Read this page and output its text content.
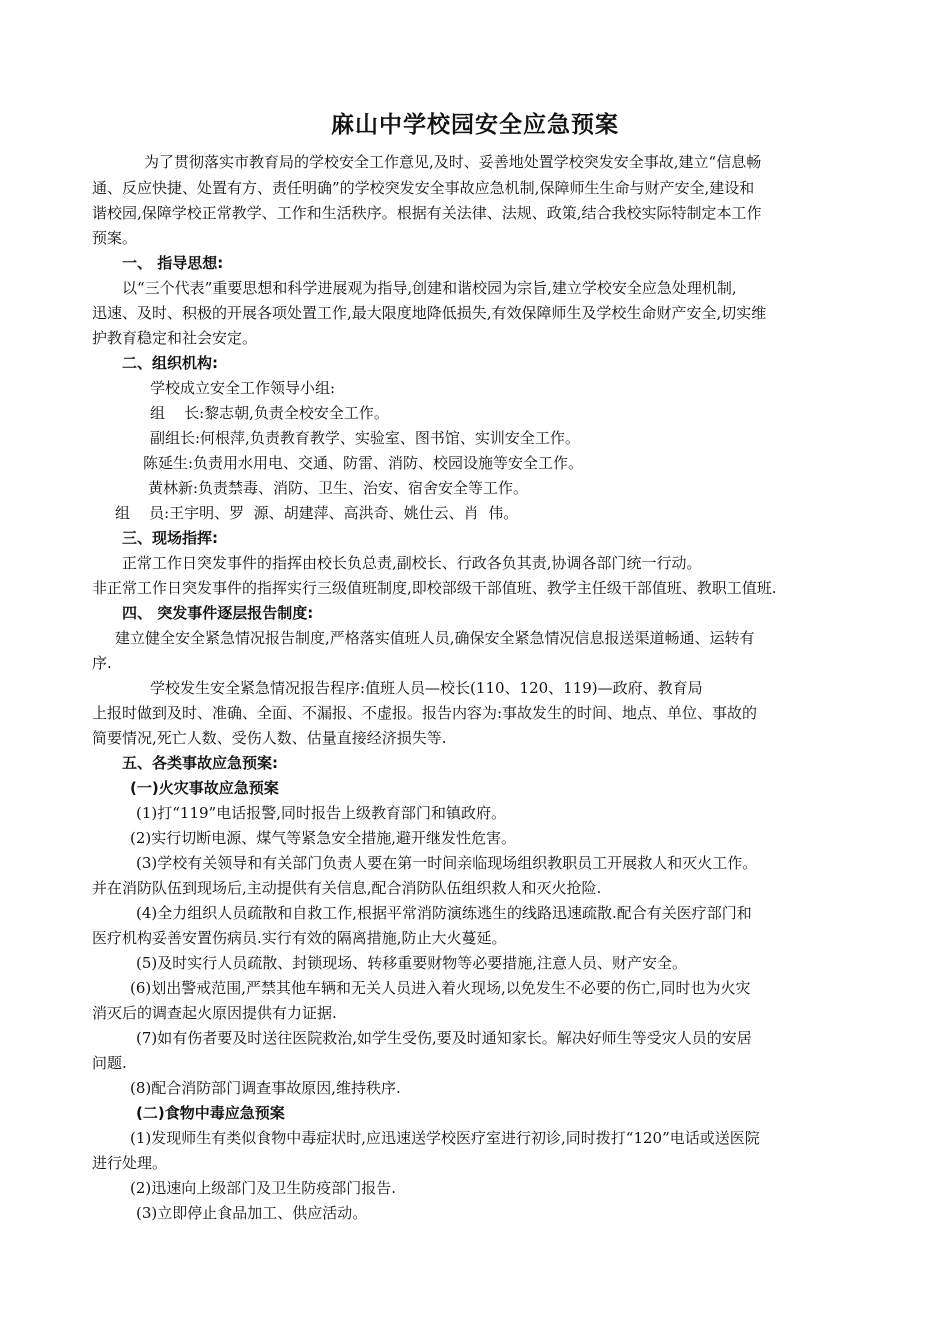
麻山中学校园安全应急预案
为了贯彻落实市教育局的学校安全工作意见,及时、妥善地处置学校突发安全事故,建立“信息畅
通、反应快捷、处置有方、责任明确”的学校突发安全事故应急机制,保障师生生命与财产安全,建设和
谐校园,保障学校正常教学、工作和生活秩序。根据有关法律、法规、政策,结合我校实际特制定本工作
预案。
一、 指导思想:
以“三个代表”重要思想和科学进展观为指导,创建和谐校园为宗旨,建立学校安全应急处理机制,
迅速、及时、积极的开展各项处置工作,最大限度地降低损失,有效保障师生及学校生命财产安全,切实维
护教育稳定和社会安定。
二、组织机构:
学校成立安全工作领导小组:
组    长:黎志朝,负责全校安全工作。
副组长:何根萍,负责教育教学、实验室、图书馆、实训安全工作。
陈延生:负责用水用电、交通、防雷、消防、校园设施等安全工作。
黄林新:负责禁毒、消防、卫生、治安、宿舍安全等工作。
组    员:王宇明、罗  源、胡建萍、高洪奇、姚仕云、肖  伟。
三、现场指挥:
正常工作日突发事件的指挥由校长负总责,副校长、行政各负其责,协调各部门统一行动。
非正常工作日突发事件的指挥实行三级值班制度,即校部级干部值班、教学主任级干部值班、教职工值班.
四、 突发事件逐层报告制度:
建立健全安全紧急情况报告制度,严格落实值班人员,确保安全紧急情况信息报送渠道畅通、运转有
序.
学校发生安全紧急情况报告程序:值班人员—校长(110、120、119)—政府、教育局
上报时做到及时、准确、全面、不漏报、不虚报。报告内容为:事故发生的时间、地点、单位、事故的
简要情况,死亡人数、受伤人数、估量直接经济损失等.
五、各类事故应急预案:
(一)火灾事故应急预案
(1)打“119”电话报警,同时报告上级教育部门和镇政府。
(2)实行切断电源、煤气等紧急安全措施,避开继发性危害。
(3)学校有关领导和有关部门负责人要在第一时间亲临现场组织教职员工开展救人和灭火工作。
并在消防队伍到现场后,主动提供有关信息,配合消防队伍组织救人和灭火抢险.
(4)全力组织人员疏散和自救工作,根据平常消防演练逃生的线路迅速疏散.配合有关医疗部门和
医疗机构妥善安置伤病员.实行有效的隔离措施,防止大火蔓延。
(5)及时实行人员疏散、封锁现场、转移重要财物等必要措施,注意人员、财产安全。
(6)划出警戒范围,严禁其他车辆和无关人员进入着火现场,以免发生不必要的伤亡,同时也为火灾
消灭后的调查起火原因提供有力证据.
(7)如有伤者要及时送往医院救治,如学生受伤,要及时通知家长。解决好师生等受灾人员的安居
问题.
(8)配合消防部门调查事故原因,维持秩序.
(二)食物中毒应急预案
(1)发现师生有类似食物中毒症状时,应迅速送学校医疗室进行初诊,同时拨打“120”电话或送医院
进行处理。
(2)迅速向上级部门及卫生防疫部门报告.
(3)立即停止食品加工、供应活动。
